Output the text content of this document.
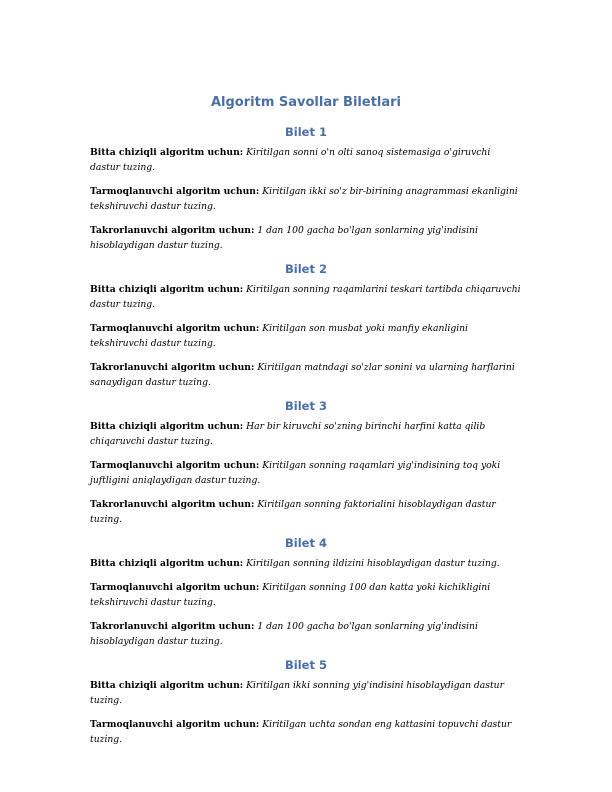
Algoritm Savollar Biletlari
Bilet 1

Bitta chiziqli algoritm uchun: Kiritilgan sonni o'n olti sanoq sistemasiga o'giruvchi dastur tuzing.

Tarmoqlanuvchi algoritm uchun: Kiritilgan ikki so'z bir-birining anagrammasi ekanligini tekshiruvchi dastur tuzing.

Takrorlanuvchi algoritm uchun: 1 dan 100 gacha bo'lgan sonlarning yig'indisini hisoblaydigan dastur tuzing.

Bilet 2

Bitta chiziqli algoritm uchun: Kiritilgan sonning raqamlarini teskari tartibda chiqaruvchi dastur tuzing.

Tarmoqlanuvchi algoritm uchun: Kiritilgan son musbat yoki manfiy ekanligini tekshiruvchi dastur tuzing.

Takrorlanuvchi algoritm uchun: Kiritilgan matndagi so'zlar sonini va ularning harflarini sanaydigan dastur tuzing.

Bilet 3

Bitta chiziqli algoritm uchun: Har bir kiruvchi so'zning birinchi harfini katta qilib chiqaruvchi dastur tuzing.

Tarmoqlanuvchi algoritm uchun: Kiritilgan sonning raqamlari yig'indisining toq yoki juftligini aniqlaydigan dastur tuzing.

Takrorlanuvchi algoritm uchun: Kiritilgan sonning faktorialini hisoblaydigan dastur tuzing.

Bilet 4

Bitta chiziqli algoritm uchun: Kiritilgan sonning ildizini hisoblaydigan dastur tuzing.

Tarmoqlanuvchi algoritm uchun: Kiritilgan sonning 100 dan katta yoki kichikligini tekshiruvchi dastur tuzing.

Takrorlanuvchi algoritm uchun: 1 dan 100 gacha bo'lgan sonlarning yig'indisini hisoblaydigan dastur tuzing.

Bilet 5

Bitta chiziqli algoritm uchun: Kiritilgan ikki sonning yig'indisini hisoblaydigan dastur tuzing.

Tarmoqlanuvchi algoritm uchun: Kiritilgan uchta sondan eng kattasini topuvchi dastur tuzing.
